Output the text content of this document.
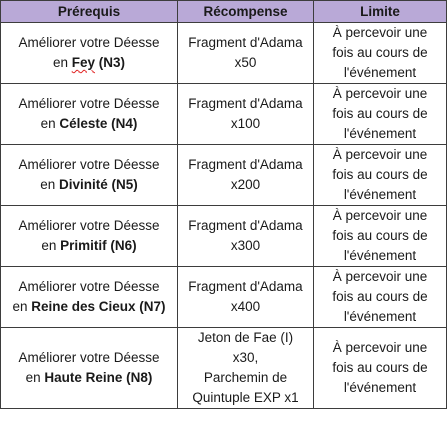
Prérequis	Récompense	Limite

Améliorer votre Déesse
en Fey (N3)	Fragment d'Adama
x50	À percevoir une
fois au cours de
l'événement

Améliorer votre Déesse
en Céleste (N4)	Fragment d'Adama
x100	À percevoir une
fois au cours de
l'événement

Améliorer votre Déesse
en Divinité (N5)	Fragment d'Adama
x200	À percevoir une
fois au cours de
l'événement

Améliorer votre Déesse
en Primitif (N6)	Fragment d'Adama
x300	À percevoir une
fois au cours de
l'événement

Améliorer votre Déesse
en Reine des Cieux (N7)	Fragment d'Adama
x400	À percevoir une
fois au cours de
l'événement

Améliorer votre Déesse
en Haute Reine (N8)	Jeton de Fae (I)
x30,
Parchemin de
Quintuple EXP x1	À percevoir une
fois au cours de
l'événement
